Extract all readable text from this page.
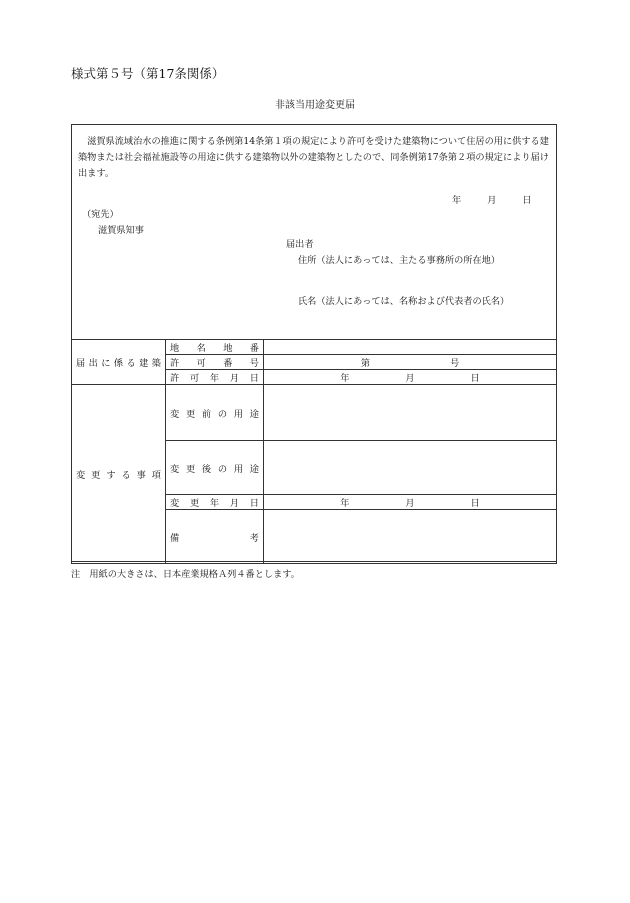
様式第５号（第17条関係）
非該当用途変更届

滋賀県流域治水の推進に関する条例第14条第１項の規定により許可を受けた建築物について住居の用に供する建築物または社会福祉施設等の用途に供する建築物以外の建築物としたので、同条例第17条第２項の規定により届け出ます。

年	月	日
（宛先）
滋賀県知事
届出者
住所（法人にあっては、主たる事務所の所在地）
氏名（法人にあっては、名称および代表者の氏名）
届出に係る建築	地名地番	
	許可番号	第 号
	許可年月日	年 月 日
変更する事項	変更前の用途	
	変更後の用途	
	変更年月日	年 月 日
	備考	
注　用紙の大きさは、日本産業規格Ａ列４番とします。
